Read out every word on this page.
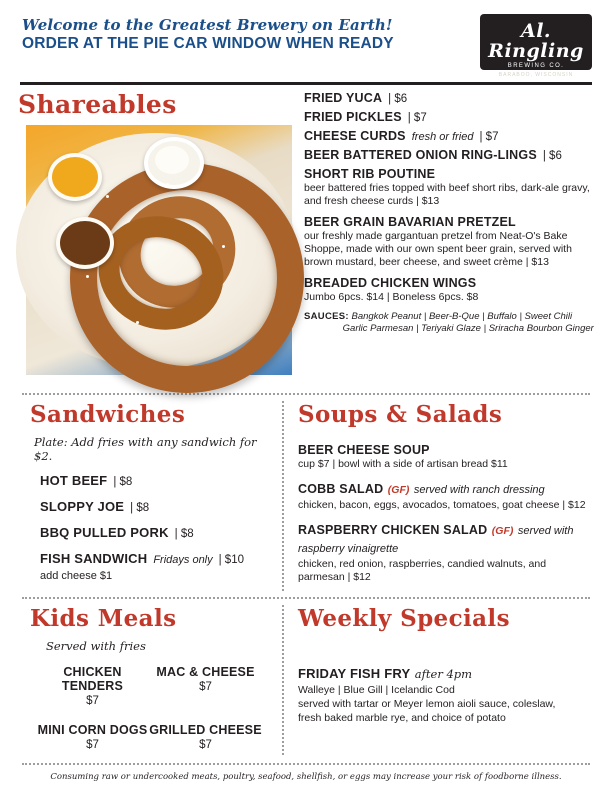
Welcome to the Greatest Brewery on Earth!
ORDER AT THE PIE CAR WINDOW WHEN READY
Al. Ringling
BREWING CO.
BARABOO, WISCONSIN
Shareables	FRIED YUCA | $6
FRIED PICKLES | $7
CHEESE CURDS fresh or fried | $7
BEER BATTERED ONION RING-LINGS | $6
SHORT RIB POUTINE
beer battered fries topped with beef short ribs, dark-ale gravy, and fresh cheese curds | $13
BEER GRAIN BAVARIAN PRETZEL
our freshly made gargantuan pretzel from Neat-O's Bake Shoppe, made with our own spent beer grain, served with brown mustard, beer cheese, and sweet crème | $13
BREADED CHICKEN WINGS
Jumbo 6pcs. $14 | Boneless 6pcs. $8
SAUCES: Bangkok Peanut | Beer-B-Que | Buffalo | Sweet Chili
Garlic Parmesan | Teriyaki Glaze | Sriracha Bourbon Ginger
Sandwiches
Plate: Add fries with any sandwich for $2.
HOT BEEF | $8
SLOPPY JOE | $8
BBQ PULLED PORK | $8
FISH SANDWICH Fridays only | $10
add cheese $1
Soups & Salads
BEER CHEESE SOUP
cup $7 | bowl with a side of artisan bread $11
COBB SALAD (GF) served with ranch dressing
chicken, bacon, eggs, avocados, tomatoes, goat cheese | $12
RASPBERRY CHICKEN SALAD (GF) served with raspberry vinaigrette
chicken, red onion, raspberries, candied walnuts, and parmesan | $12
Kids Meals
Served with fries
CHICKEN TENDERS
$7
MAC & CHEESE
$7
MINI CORN DOGS
$7
GRILLED CHEESE
$7
Weekly Specials
FRIDAY FISH FRY after 4pm
Walleye | Blue Gill | Icelandic Cod
served with tartar or Meyer lemon aioli sauce, coleslaw,
fresh baked marble rye, and choice of potato
Consuming raw or undercooked meats, poultry, seafood, shellfish, or eggs may increase your risk of foodborne illness.
